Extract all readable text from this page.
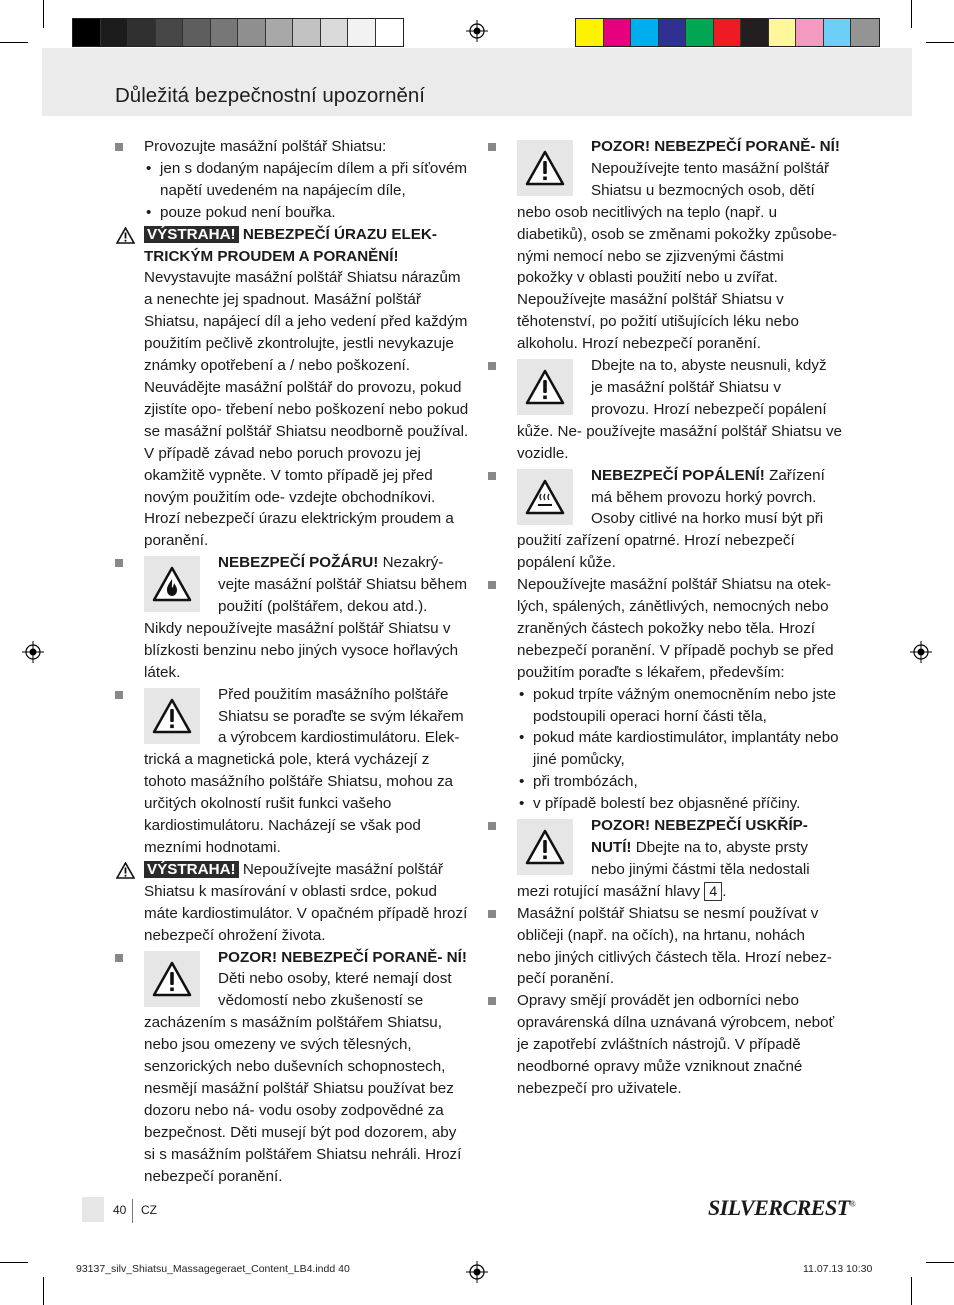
Důležitá bezpečnostní upozornění

Provozujte masážní polštář Shiatsu:

• jen s dodaným napájecím dílem a při síťovém napětí uvedeném na napájecím díle,

• pouze pokud není bouřka.

VÝSTRAHA! NEBEZPEČÍ ÚRAZU ELEK- TRICKÝM PROUDEM A PORANĚNÍ!

Nevystavujte masážní polštář Shiatsu nárazům a nenechte jej spadnout. Masážní polštář Shiatsu, napájecí díl a jeho vedení před každým použitím pečlivě zkontrolujte, jestli nevykazuje známky opotřebení a / nebo poškození. Neuvádějte masážní polštář do provozu, pokud zjistíte opo- třebení nebo poškození nebo pokud se masážní polštář Shiatsu neodborně používal. V případě závad nebo poruch provozu jej okamžitě vypněte. V tomto případě jej před novým použitím ode- vzdejte obchodníkovi. Hrozí nebezpečí úrazu elektrickým proudem a poranění.

NEBEZPEČÍ POŽÁRU! Nezakrý- vejte masážní polštář Shiatsu během použití (polštářem, dekou atd.). Nikdy nepoužívejte masážní polštář Shiatsu v blízkosti benzinu nebo jiných vysoce hořlavých látek.

Před použitím masážního polštáře Shiatsu se poraďte se svým lékařem a výrobcem kardiostimulátoru. Elek- trická a magnetická pole, která vycházejí z tohoto masážního polštáře Shiatsu, mohou za určitých okolností rušit funkci vašeho kardiostimulátoru. Nacházejí se však pod mezními hodnotami.

VÝSTRAHA! Nepoužívejte masážní polštář Shiatsu k masírování v oblasti srdce, pokud máte kardiostimulátor. V opačném případě hrozí nebezpečí ohrožení života.

POZOR! NEBEZPEČÍ PORANĚ- NÍ! Děti nebo osoby, které nemají dost vědomostí nebo zkušeností se zacházením s masážním polštářem Shiatsu, nebo jsou omezeny ve svých tělesných, senzorických nebo duševních schopnostech, nesmějí masážní polštář Shiatsu používat bez dozoru nebo ná- vodu osoby zodpovědné za bezpečnost. Děti musejí být pod dozorem, aby si s masážním polštářem Shiatsu nehráli. Hrozí nebezpečí poranění.

POZOR! NEBEZPEČÍ PORANĚ- NÍ! Nepoužívejte tento masážní polštář Shiatsu u bezmocných osob, dětí nebo osob necitlivých na teplo (např. u diabetiků), osob se změnami pokožky způsobe- nými nemocí nebo se zjizvenými částmi pokožky v oblasti použití nebo u zvířat. Nepoužívejte masážní polštář Shiatsu v těhotenství, po požití utišujících léku nebo alkoholu. Hrozí nebezpečí poranění.

Dbejte na to, abyste neusnuli, když je masážní polštář Shiatsu v provozu. Hrozí nebezpečí popálení kůže. Ne- používejte masážní polštář Shiatsu ve vozidle.

NEBEZPEČÍ POPÁLENÍ! Zařízení má během provozu horký povrch. Osoby citlivé na horko musí být při použití zařízení opatrné. Hrozí nebezpečí popálení kůže.

Nepoužívejte masážní polštář Shiatsu na otek- lých, spálených, zánětlivých, nemocných nebo zraněných částech pokožky nebo těla. Hrozí nebezpečí poranění. V případě pochyb se před použitím poraďte s lékařem, především:

• pokud trpíte vážným onemocněním nebo jste podstoupili operaci horní části těla,

• pokud máte kardiostimulátor, implantáty nebo jiné pomůcky,

• při trombózách,

• v případě bolestí bez objasněné příčiny.

POZOR! NEBEZPEČÍ USKŘÍP- NUTÍ! Dbejte na to, abyste prsty nebo jinými částmi těla nedostali mezi rotující masážní hlavy 4 .

Masážní polštář Shiatsu se nesmí používat v obličeji (např. na očích), na hrtanu, nohách nebo jiných citlivých částech těla. Hrozí nebez- pečí poranění.

Opravy smějí provádět jen odborníci nebo opravárenská dílna uznávaná výrobcem, neboť je zapotřebí zvláštních nástrojů. V případě neodborné opravy může vzniknout značné nebezpečí pro uživatele.

40 CZ	SILVERCREST®
93137_silv_Shiatsu_Massagegeraet_Content_LB4.indd 40	11.07.13 10:30
